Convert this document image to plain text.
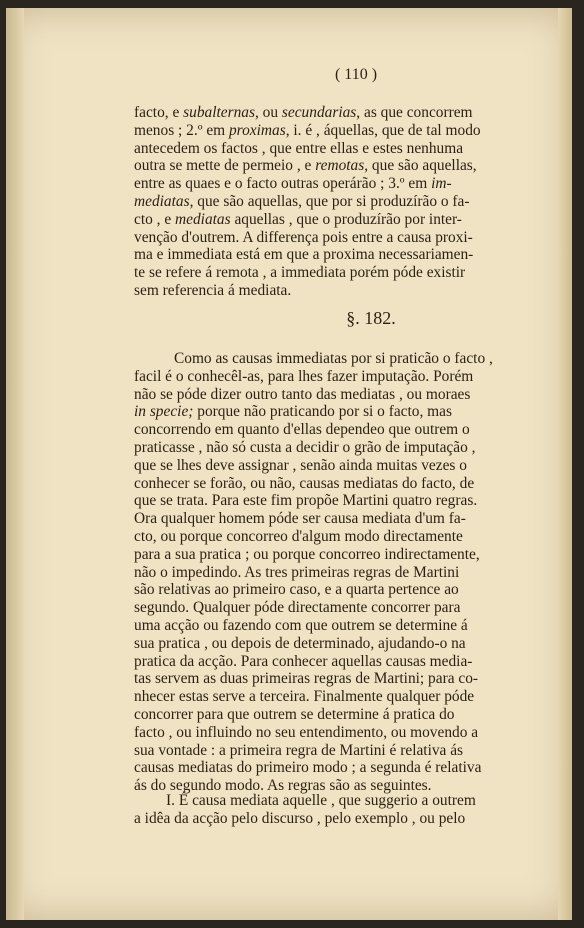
( 110 )
facto, e subalternas, ou secundarias, as que concorrem
menos ; 2.º em proximas, i. é , áquellas, que de tal modo
antecedem os factos , que entre ellas e estes nenhuma
outra se mette de permeio , e remotas, que são aquellas,
entre as quaes e o facto outras operárão ; 3.º em im-
mediatas, que são aquellas, que por si produzírão o fa-
cto , e mediatas aquellas , que o produzírão por inter-
venção d'outrem. A differença pois entre a causa proxi-
ma e immediata está em que a proxima necessariamen-
te se refere á remota , a immediata porém póde existir
sem referencia á mediata.
§. 182.
Como as causas immediatas por si praticão o facto ,
facil é o conhecêl-as, para lhes fazer imputação. Porém
não se póde dizer outro tanto das mediatas , ou moraes
in specie; porque não praticando por si o facto, mas
concorrendo em quanto d'ellas dependeo que outrem o
praticasse , não só custa a decidir o grão de imputação ,
que se lhes deve assignar , senão ainda muitas vezes o
conhecer se forão, ou não, causas mediatas do facto, de
que se trata. Para este fim propõe Martini quatro regras.
Ora qualquer homem póde ser causa mediata d'um fa-
cto, ou porque concorreo d'algum modo directamente
para a sua pratica ; ou porque concorreo indirectamente,
não o impedindo. As tres primeiras regras de Martini
são relativas ao primeiro caso, e a quarta pertence ao
segundo. Qualquer póde directamente concorrer para
uma acção ou fazendo com que outrem se determine á
sua pratica , ou depois de determinado, ajudando-o na
pratica da acção. Para conhecer aquellas causas media-
tas servem as duas primeiras regras de Martini; para co-
nhecer estas serve a terceira. Finalmente qualquer póde
concorrer para que outrem se determine á pratica do
facto , ou influindo no seu entendimento, ou movendo a
sua vontade : a primeira regra de Martini é relativa ás
causas mediatas do primeiro modo ; a segunda é relativa
ás do segundo modo. As regras são as seguintes.
I. É causa mediata aquelle , que suggerio a outrem
a idêa da acção pelo discurso , pelo exemplo , ou pelo
